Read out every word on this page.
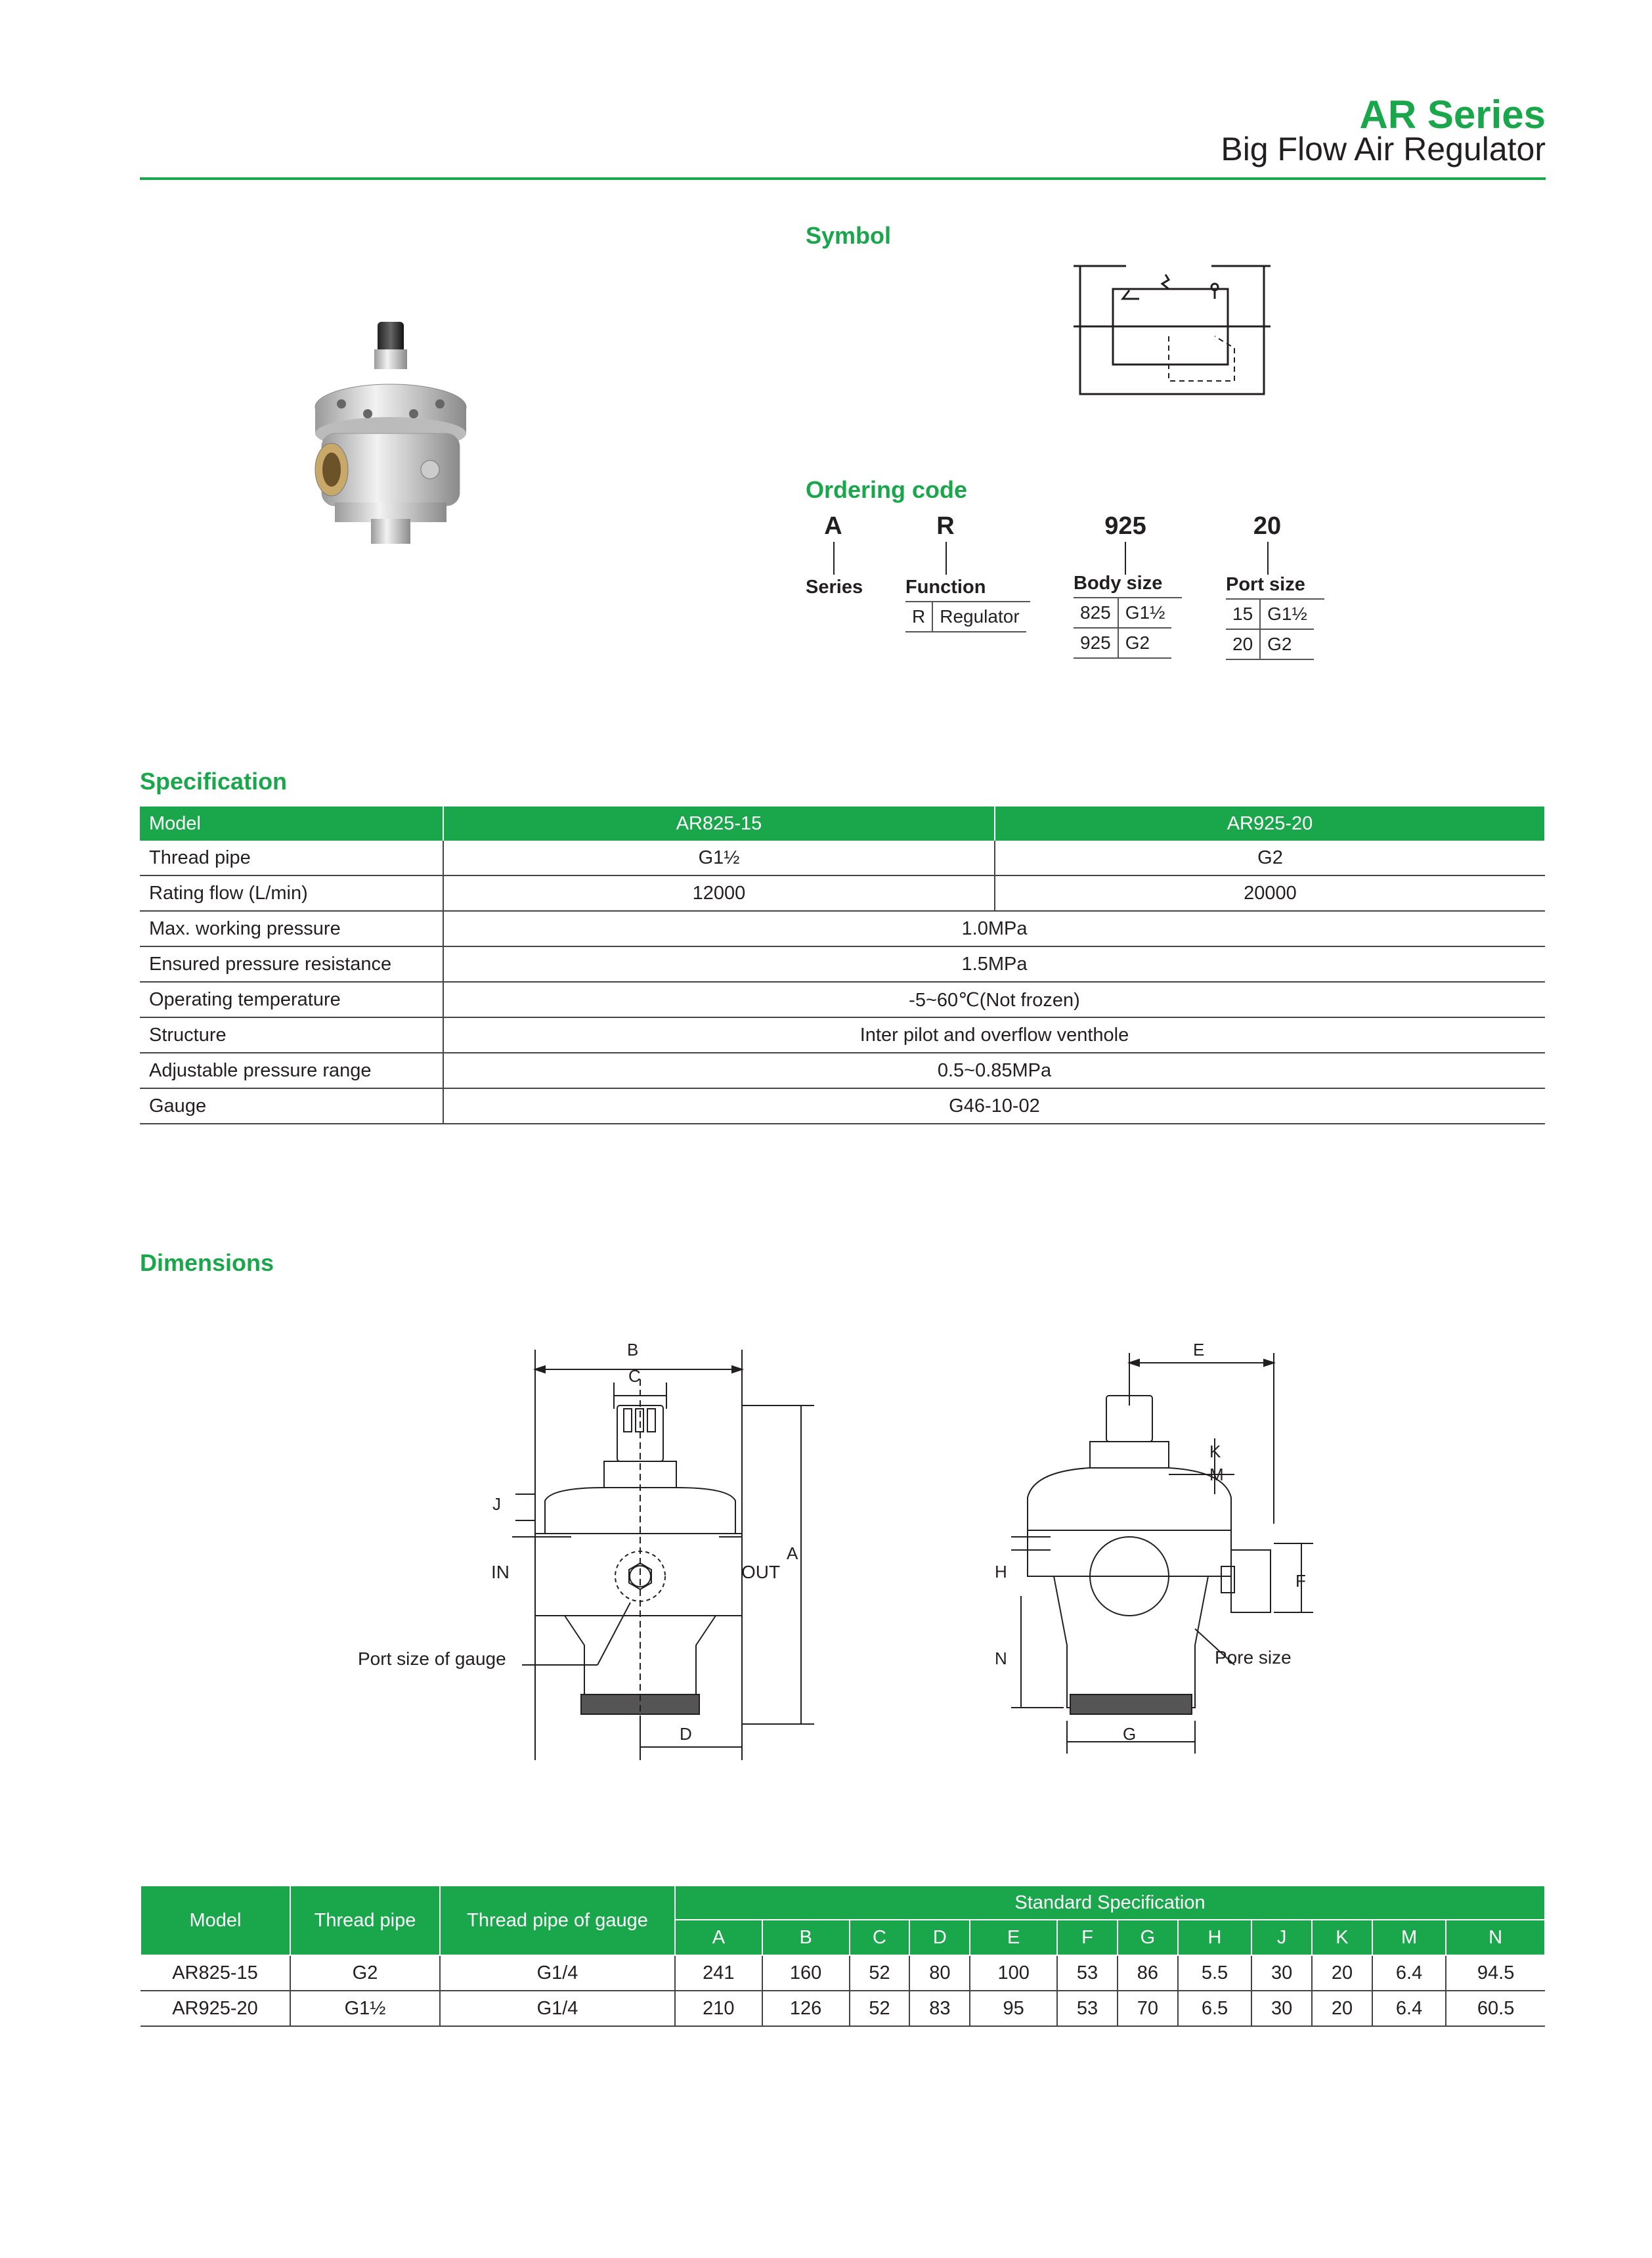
AR Series
Big Flow Air Regulator
Symbol
Ordering code
A	R	925	20
Series Function
R	Regulator
Body size
825	G1½
925	G2
Port size
15	G1½
20	G2
Specification
Model	AR825-15	AR925-20
Thread pipe	G1½	G2
Rating flow (L/min)	12000	20000
Max. working pressure	1.0MPa	
Ensured pressure resistance	1.5MPa	
Operating temperature	-5~60℃(Not frozen)	
Structure	Inter pilot and overflow venthole	
Adjustable pressure range	0.5~0.85MPa	
Gauge	G46-10-02	
Dimensions
B
C
A
J
D
IN	OUT
Port size of gauge
E
M
K
H	F
N
G
Pore size
Model	Thread pipe	Thread pipe of gauge	Standard Specification											
			A	B	C	D	E	F	G	H	J	K	M	N
AR825-15	G2	G1/4	241	160	52	80	100	53	86	5.5	30	20	6.4	94.5
AR925-20	G1½	G1/4	210	126	52	83	95	53	70	6.5	30	20	6.4	60.5
